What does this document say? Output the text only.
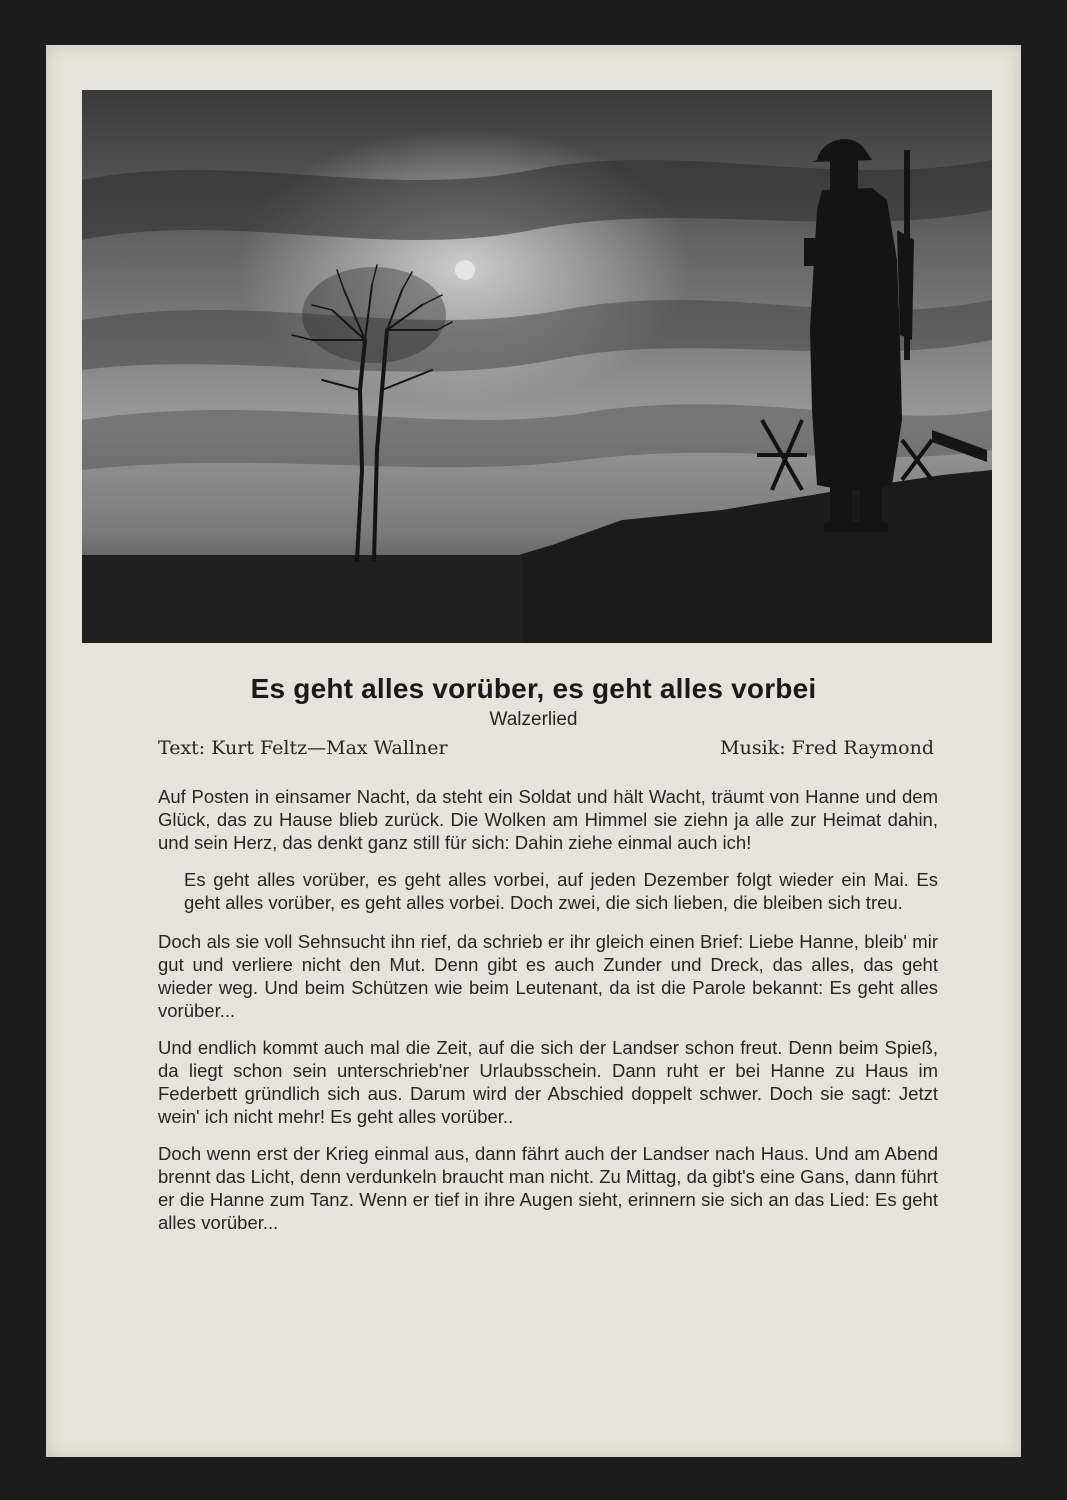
Es geht alles vorüber, es geht alles vorbei
Walzerlied
Text: Kurt Feltz—Max Wallner	Musik: Fred Raymond

Auf Posten in einsamer Nacht, da steht ein Soldat und hält Wacht, träumt von Hanne und dem Glück, das zu Hause blieb zurück. Die Wolken am Himmel sie ziehn ja alle zur Heimat dahin, und sein Herz, das denkt ganz still für sich: Dahin ziehe einmal auch ich!

Es geht alles vorüber, es geht alles vorbei, auf jeden Dezember folgt wieder ein Mai. Es geht alles vorüber, es geht alles vorbei. Doch zwei, die sich lieben, die bleiben sich treu.

Doch als sie voll Sehnsucht ihn rief, da schrieb er ihr gleich einen Brief: Liebe Hanne, bleib' mir gut und verliere nicht den Mut. Denn gibt es auch Zunder und Dreck, das alles, das geht wieder weg. Und beim Schützen wie beim Leutenant, da ist die Parole bekannt: Es geht alles vorüber...

Und endlich kommt auch mal die Zeit, auf die sich der Landser schon freut. Denn beim Spieß, da liegt schon sein unterschrieb'ner Urlaubsschein. Dann ruht er bei Hanne zu Haus im Federbett gründlich sich aus. Darum wird der Abschied doppelt schwer. Doch sie sagt: Jetzt wein' ich nicht mehr! Es geht alles vorüber..

Doch wenn erst der Krieg einmal aus, dann fährt auch der Landser nach Haus. Und am Abend brennt das Licht, denn verdunkeln braucht man nicht. Zu Mittag, da gibt's eine Gans, dann führt er die Hanne zum Tanz. Wenn er tief in ihre Augen sieht, erinnern sie sich an das Lied: Es geht alles vorüber...
